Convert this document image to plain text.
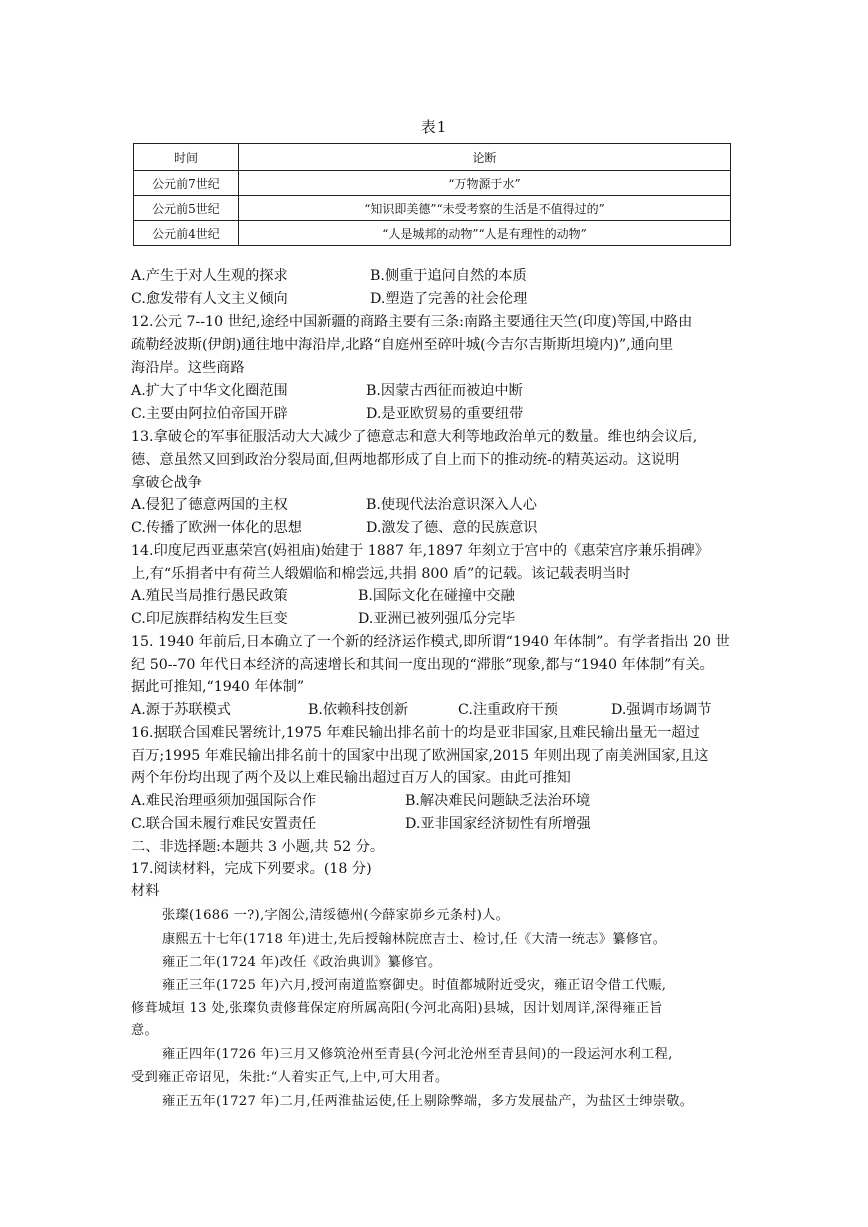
表1
时间	论断
公元前7世纪	“万物源于水”
公元前5世纪	“知识即美德”“未受考察的生活是不值得过的”
公元前4世纪	“人是城邦的动物”“人是有理性的动物”
A.产生于对人生观的探求	B.侧重于追问自然的本质
C.愈发带有人文主义倾向	D.塑造了完善的社会伦理
12.公元 7--10 世纪,途经中国新疆的商路主要有三条:南路主要通往天竺(印度)等国,中路由
疏勒经波斯(伊朗)通往地中海沿岸,北路“自庭州至碎叶城(今吉尔吉斯斯坦境内)”,通向里
海沿岸。这些商路
A.扩大了中华文化圈范围	B.因蒙古西征而被迫中断
C.主要由阿拉伯帝国开辟	D.是亚欧贸易的重要纽带
13.拿破仑的军事征服活动大大减少了德意志和意大利等地政治单元的数量。维也纳会议后,
德、意虽然又回到政治分裂局面,但两地都形成了自上而下的推动统-的精英运动。这说明
拿破仑战争
A.侵犯了德意两国的主权	B.使现代法治意识深入人心
C.传播了欧洲一体化的思想	D.激发了德、意的民族意识
14.印度尼西亚惠荣宫(妈祖庙)始建于 1887 年,1897 年刻立于宫中的《惠荣宫序兼乐捐碑》
上,有“乐捐者中有荷兰人缎媚临和棉尝远,共捐 800 盾”的记载。该记载表明当时
A.殖民当局推行愚民政策	B.国际文化在碰撞中交融
C.印尼族群结构发生巨变	D.亚洲已被列强瓜分完毕
15. 1940 年前后,日本确立了一个新的经济运作模式,即所谓“1940 年体制”。有学者指出 20 世
纪 50--70 年代日本经济的高速增长和其间一度出现的“滞胀”现象,都与“1940 年体制”有关。
据此可推知,“1940 年体制”
A.源于苏联模式	B.依赖科技创新	C.注重政府干预	D.强调市场调节
16.据联合国难民署统计,1975 年难民输出排名前十的均是亚非国家,且难民输出量无一超过
百万;1995 年难民输出排名前十的国家中出现了欧洲国家,2015 年则出现了南美洲国家,且这
两个年份均出现了两个及以上难民输出超过百万人的国家。由此可推知
A.难民治理亟须加强国际合作	B.解决难民问题缺乏法治环境
C.联合国未履行难民安置责任	D.亚非国家经济韧性有所增强
二、非选择题:本题共 3 小题,共 52 分。
17.阅读材料，完成下列要求。(18 分)
材料
张璨(1686 一?),字阁公,清绥德州(今薛家峁乡元条村)人。
康熙五十七年(1718 年)进士,先后授翰林院庶吉士、检讨,任《大清一统志》纂修官。
雍正二年(1724 年)改任《政治典训》纂修官。
雍正三年(1725 年)六月,授河南道监察御史。时值都城附近受灾，雍正诏令借工代赈,
修葺城垣 13 处,张璨负责修葺保定府所属高阳(今河北高阳)县城，因计划周详,深得雍正旨
意。
雍正四年(1726 年)三月又修筑沧州至青县(今河北沧州至青县间)的一段运河水利工程,
受到雍正帝诏见，朱批:“人着实正气,上中,可大用者。
雍正五年(1727 年)二月,任两淮盐运使,任上剔除弊端，多方发展盐产，为盐区士绅崇敬。
